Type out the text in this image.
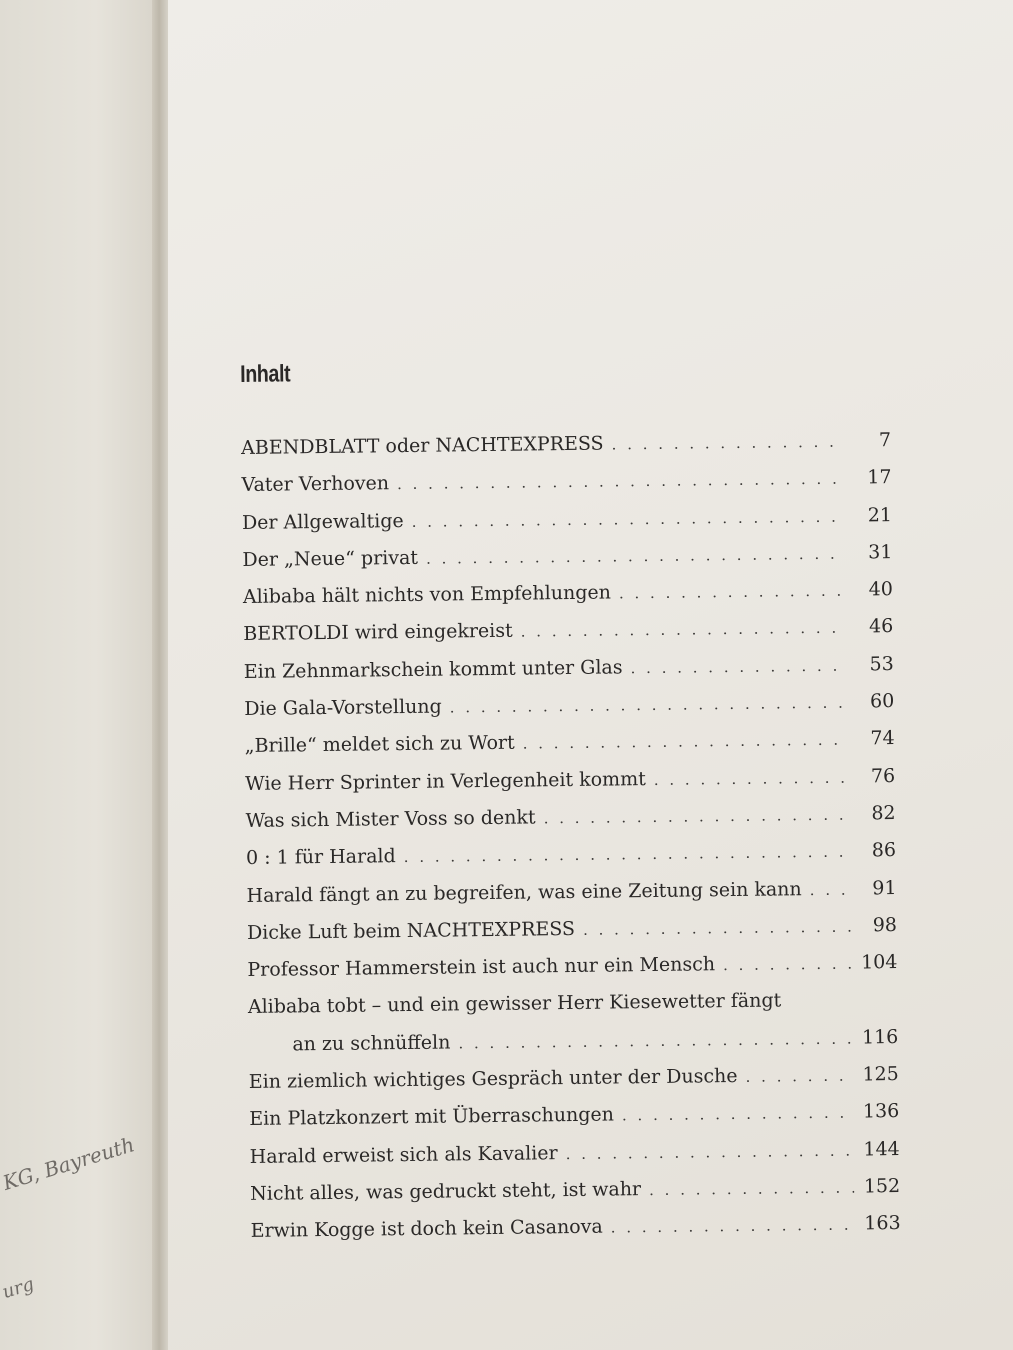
KG, Bayreuth
urg
Inhalt
ABENDBLATT oder NACHTEXPRESS . . .	7
Vater Verhoven . . .	17
Der Allgewaltige . . .	21
Der „Neue“ privat . . .	31
Alibaba hält nichts von Empfehlungen . . .	40
BERTOLDI wird eingekreist . . .	46
Ein Zehnmarkschein kommt unter Glas . . .	53
Die Gala-Vorstellung . . .	60
„Brille“ meldet sich zu Wort . . .	74
Wie Herr Sprinter in Verlegenheit kommt . . .	76
Was sich Mister Voss so denkt . . .	82
0 : 1 für Harald . . .	86
Harald fängt an zu begreifen, was eine Zeitung sein kann . . .	91
Dicke Luft beim NACHTEXPRESS . . .	98
Professor Hammerstein ist auch nur ein Mensch . . .	104
Alibaba tobt – und ein gewisser Herr Kiesewetter fängt
an zu schnüffeln . . .	116
Ein ziemlich wichtiges Gespräch unter der Dusche . . .	125
Ein Platzkonzert mit Überraschungen . . .	136
Harald erweist sich als Kavalier . . .	144
Nicht alles, was gedruckt steht, ist wahr . . .	152
Erwin Kogge ist doch kein Casanova . . .	163
